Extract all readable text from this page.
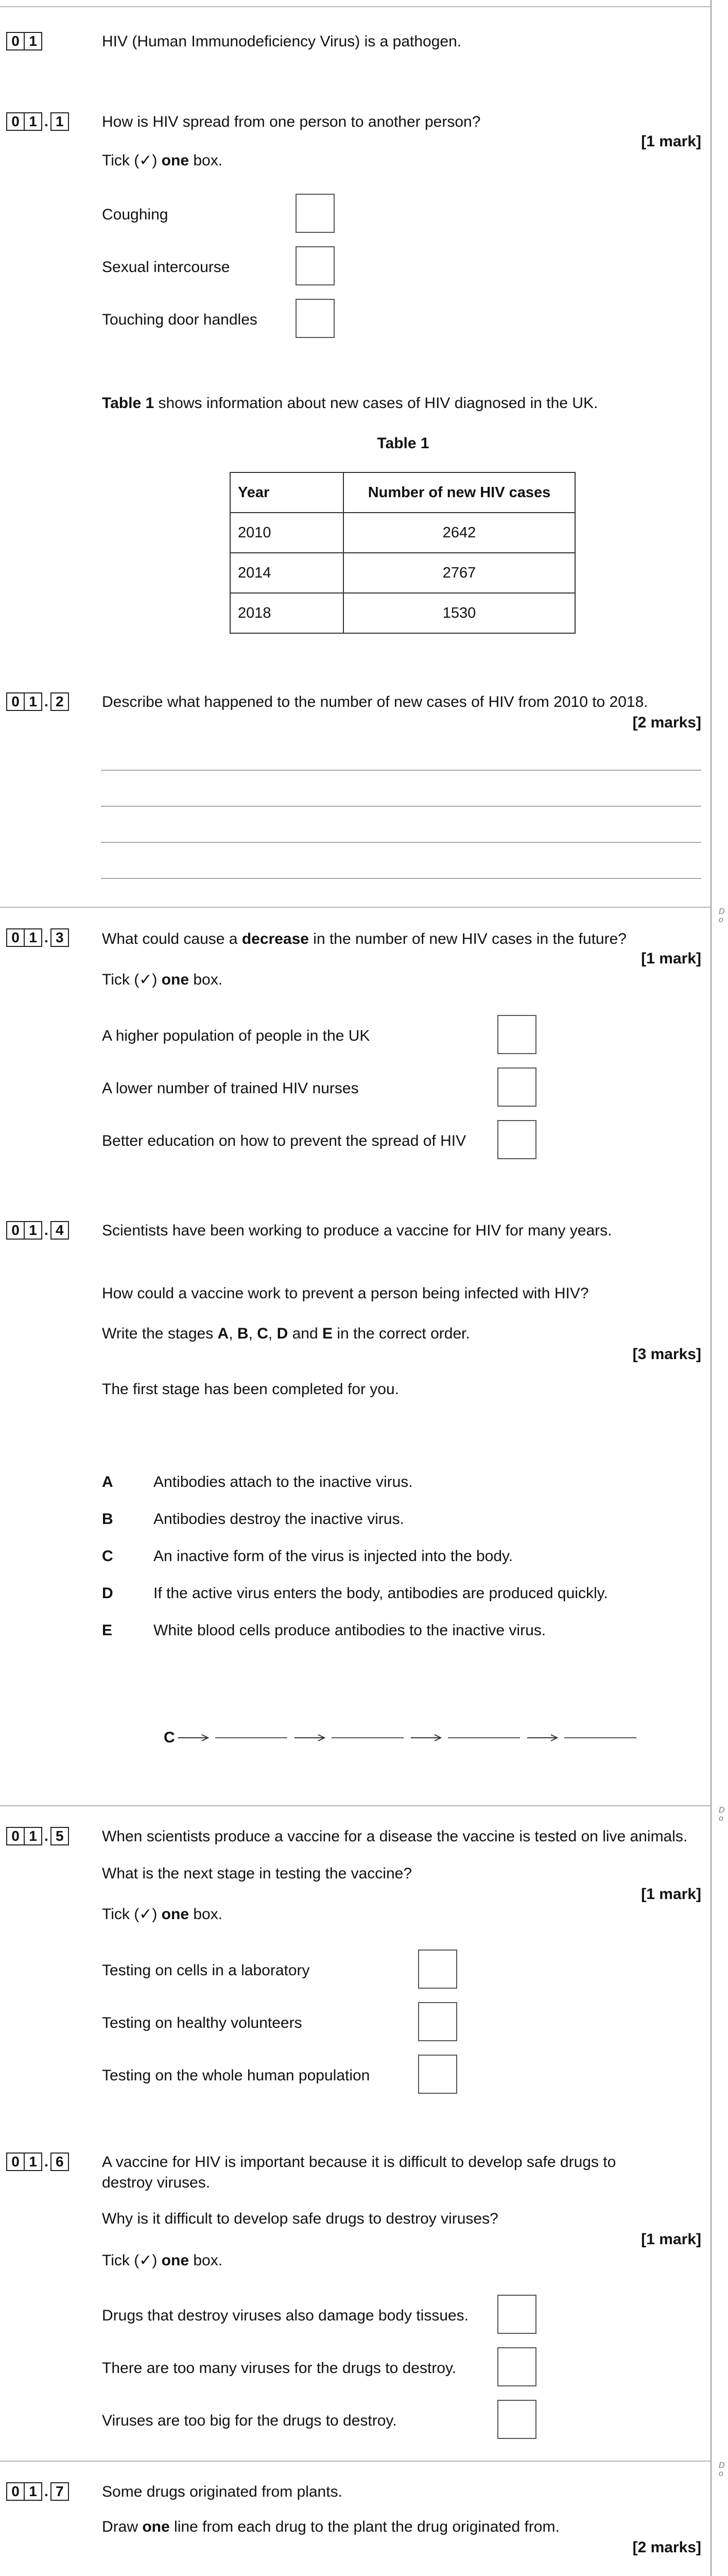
D
o
D
o
D
o
0 1	HIV (Human Immunodeficiency Virus) is a pathogen.
0 1 . 1	How is HIV spread from one person to another person?
[1 mark]
Tick (✓) one box.
Coughing
Sexual intercourse
Touching door handles
Table 1 shows information about new cases of HIV diagnosed in the UK.
Table 1
Year	Number of new HIV cases
2010	2642
2014	2767
2018	1530
0 1 . 2	Describe what happened to the number of new cases of HIV from 2010 to 2018.
[2 marks]
0 1 . 3	What could cause a decrease in the number of new HIV cases in the future?
[1 mark]
Tick (✓) one box.
A higher population of people in the UK
A lower number of trained HIV nurses
Better education on how to prevent the spread of HIV
0 1 . 4	Scientists have been working to produce a vaccine for HIV for many years.
How could a vaccine work to prevent a person being infected with HIV?
Write the stages A, B, C, D and E in the correct order.
[3 marks]
The first stage has been completed for you.
A	Antibodies attach to the inactive virus.
B	Antibodies destroy the inactive virus.
C	An inactive form of the virus is injected into the body.
D	If the active virus enters the body, antibodies are produced quickly.
E	White blood cells produce antibodies to the inactive virus.
C
0 1 . 5	When scientists produce a vaccine for a disease the vaccine is tested on live animals.
What is the next stage in testing the vaccine?
[1 mark]
Tick (✓) one box.
Testing on cells in a laboratory
Testing on healthy volunteers
Testing on the whole human population
0 1 . 6	A vaccine for HIV is important because it is difficult to develop safe drugs to
destroy viruses.
Why is it difficult to develop safe drugs to destroy viruses?
[1 mark]
Tick (✓) one box.
Drugs that destroy viruses also damage body tissues.
There are too many viruses for the drugs to destroy.
Viruses are too big for the drugs to destroy.
0 1 . 7	Some drugs originated from plants.
Draw one line from each drug to the plant the drug originated from.
[2 marks]
